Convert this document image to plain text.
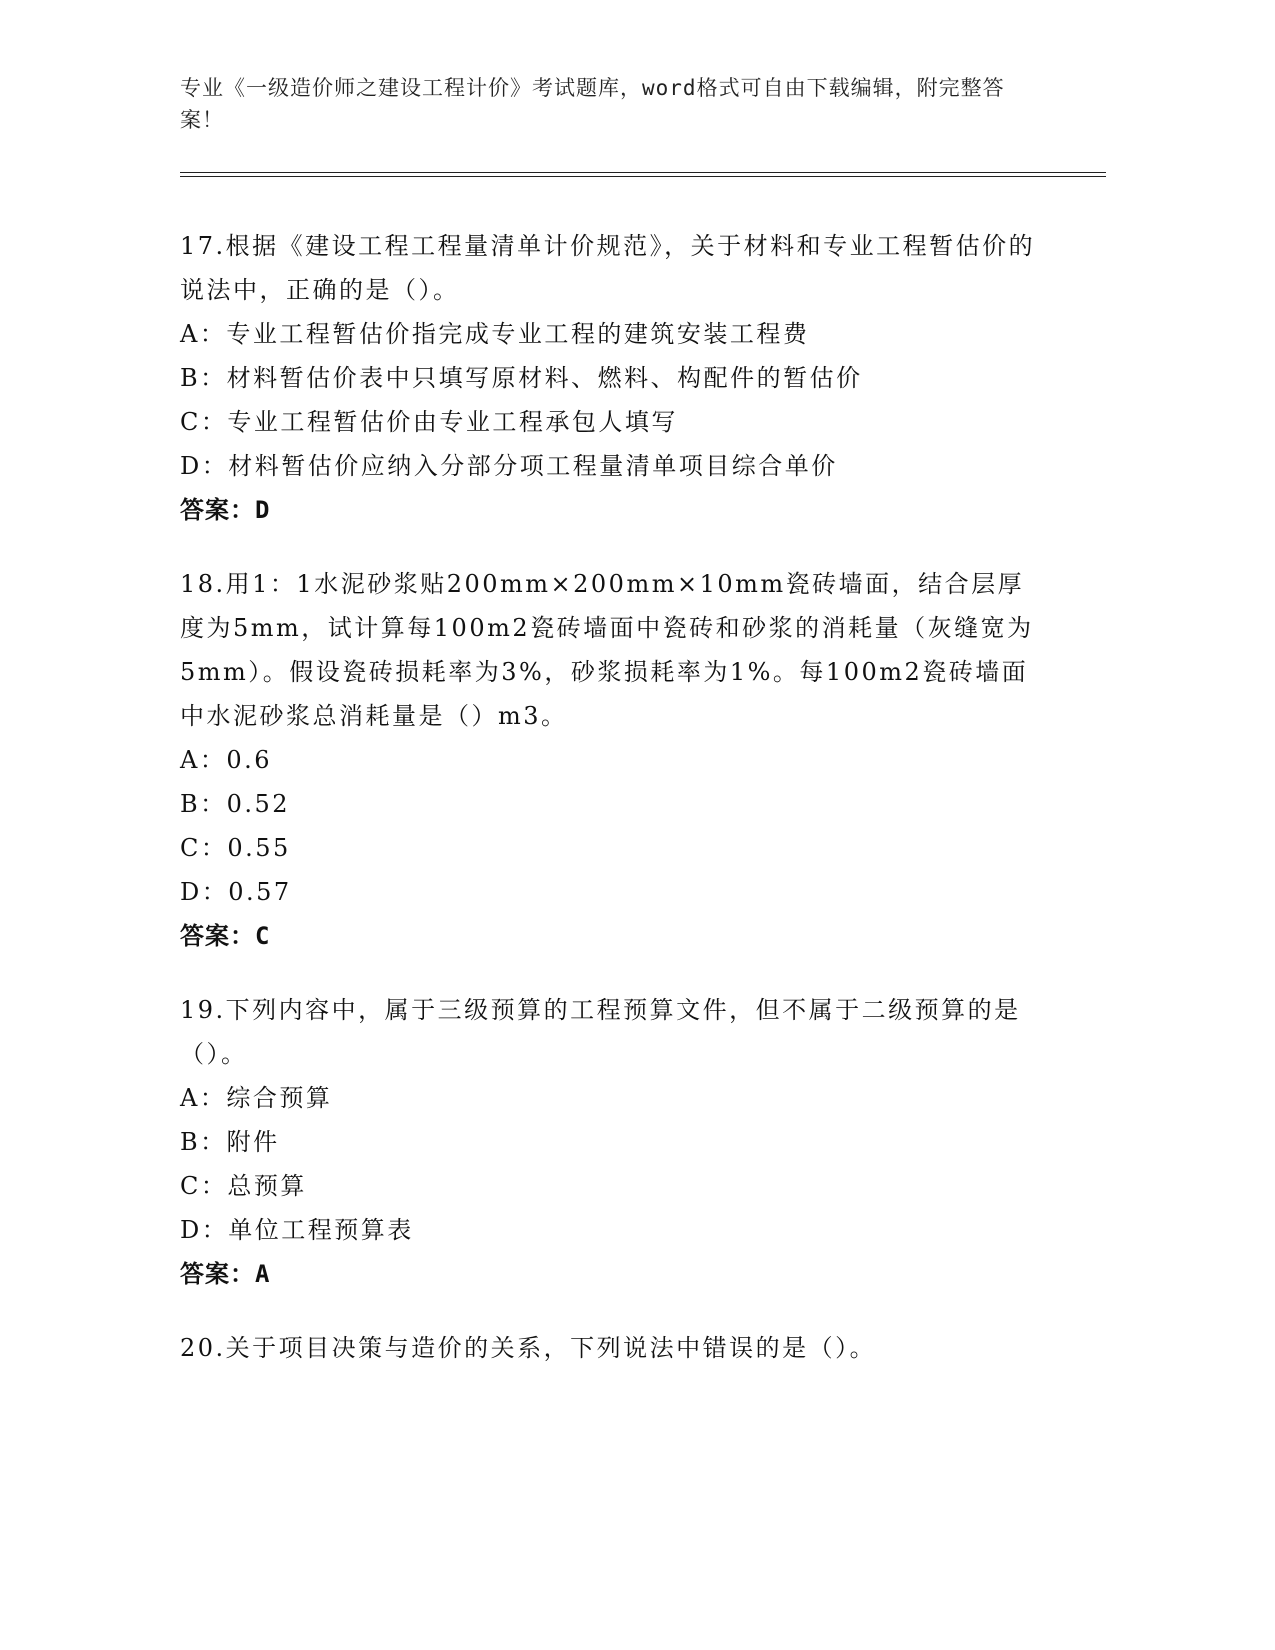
专业《一级造价师之建设工程计价》考试题库，word格式可自由下载编辑，附完整答案！
17.根据《建设工程工程量清单计价规范》，关于材料和专业工程暂估价的说法中，正确的是（）。
A：专业工程暂估价指完成专业工程的建筑安装工程费
B：材料暂估价表中只填写原材料、燃料、构配件的暂估价
C：专业工程暂估价由专业工程承包人填写
D：材料暂估价应纳入分部分项工程量清单项目综合单价
答案：D
18.用1：1水泥砂浆贴200mm×200mm×10mm瓷砖墙面，结合层厚度为5mm，试计算每100m2瓷砖墙面中瓷砖和砂浆的消耗量（灰缝宽为5mm）。假设瓷砖损耗率为3%，砂浆损耗率为1%。每100m2瓷砖墙面中水泥砂浆总消耗量是（）m3。
A：0.6
B：0.52
C：0.55
D：0.57
答案：C
19.下列内容中，属于三级预算的工程预算文件，但不属于二级预算的是（）。
A：综合预算
B：附件
C：总预算
D：单位工程预算表
答案：A
20.关于项目决策与造价的关系，下列说法中错误的是（）。
